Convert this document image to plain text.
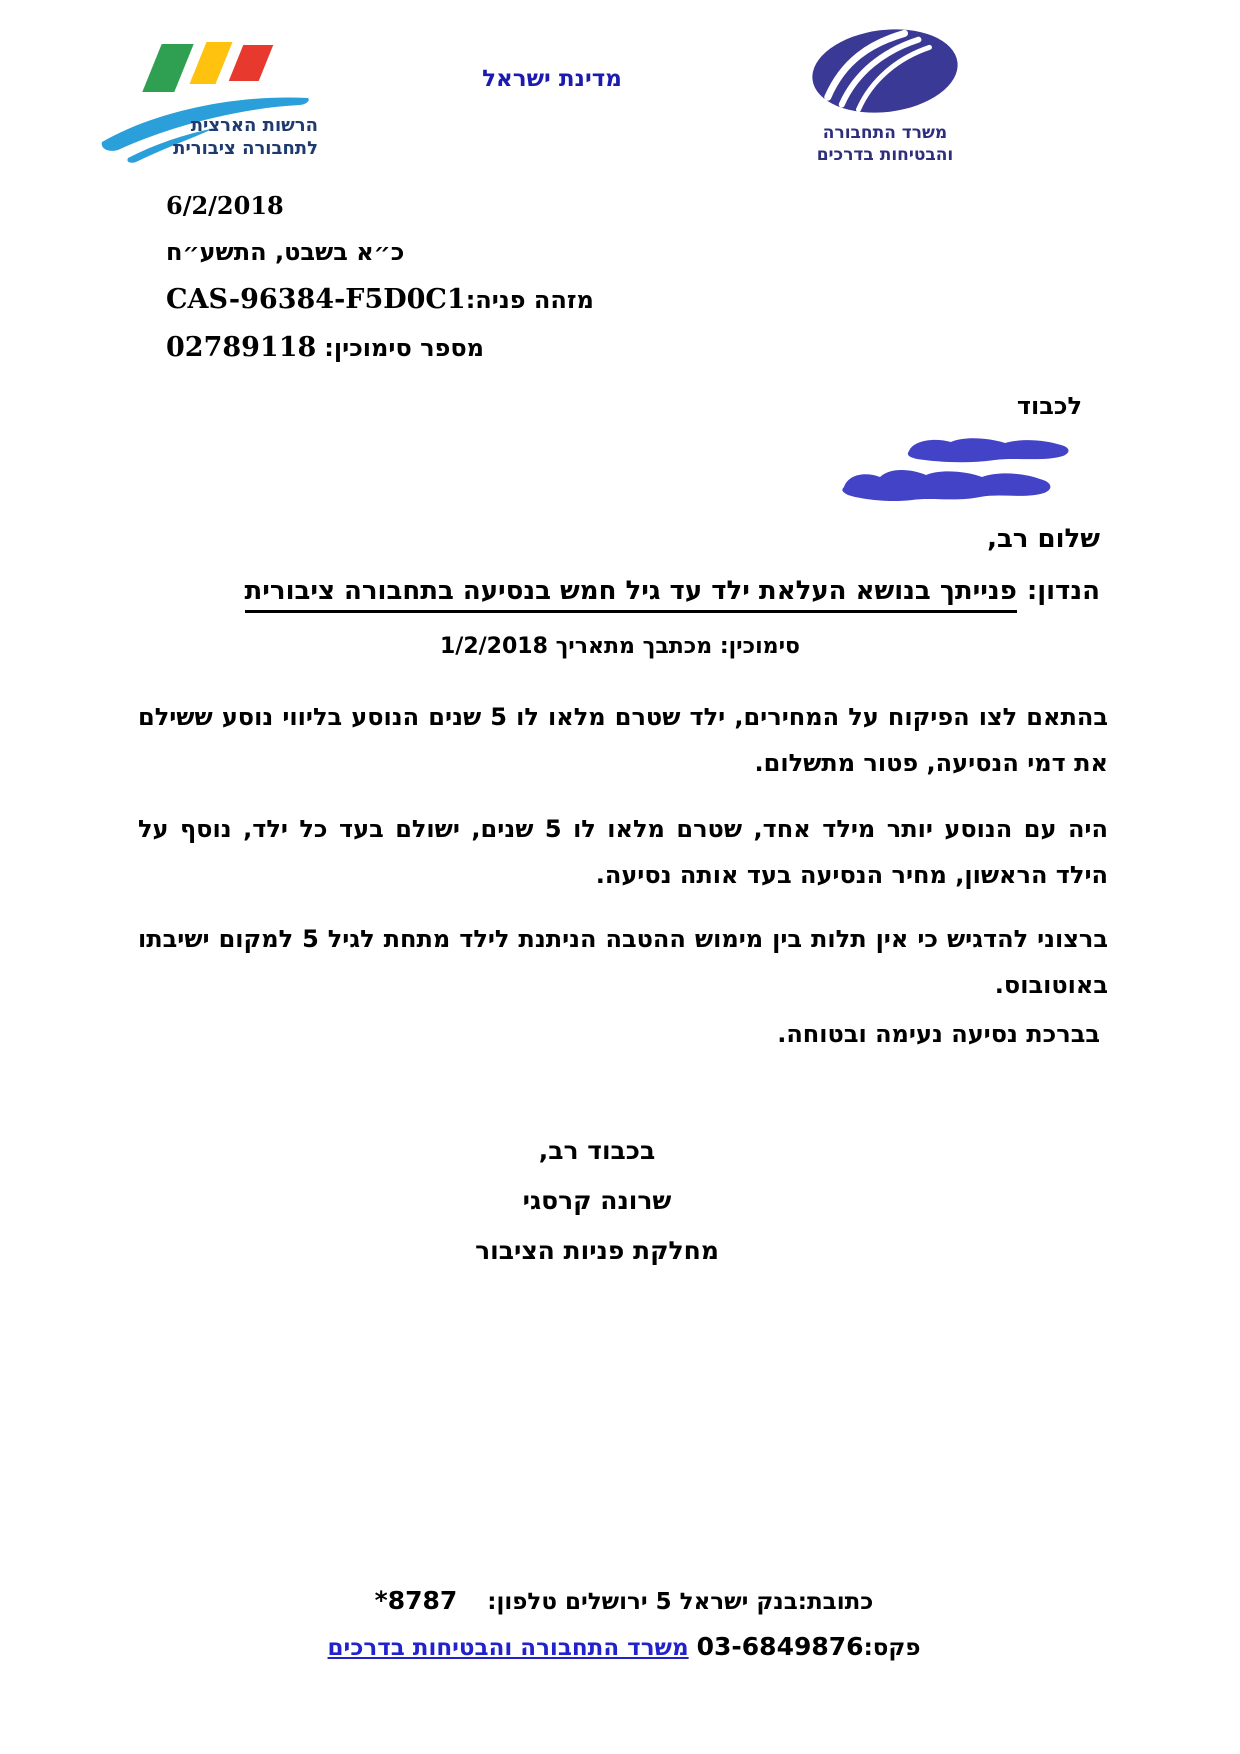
הרשות הארצית
לתחבורה ציבורית
מדינת ישראל
משרד התחבורה
והבטיחות בדרכים
6/2/2018
כ״א בשבט, התשע״ח
מזהה פניה:CAS-96384-F5D0C1
מספר סימוכין:02789118
לכבוד
שלום רב,
הנדון:פנייתך בנושא העלאת ילד עד גיל חמש בנסיעה בתחבורה ציבורית
סימוכין: מכתבך מתאריך 1/2/2018
בהתאם לצו הפיקוח על המחירים, ילד שטרם מלאו לו 5 שנים הנוסע בליווי נוסע ששילם את דמי הנסיעה, פטור מתשלום.
היה עם הנוסע יותר מילד אחד, שטרם מלאו לו 5 שנים, ישולם בעד כל ילד, נוסף על הילד הראשון, מחיר הנסיעה בעד אותה נסיעה.
ברצוני להדגיש כי אין תלות בין מימוש ההטבה הניתנת לילד מתחת לגיל 5 למקום ישיבתו באוטובוס.
בברכת נסיעה נעימה ובטוחה.
בכבוד רב,
שרונה קרסגי
מחלקת פניות הציבור
כתובת:בנק ישראל 5 ירושליםטלפון:*8787
פקס:03-6849876משרד התחבורה והבטיחות בדרכים
